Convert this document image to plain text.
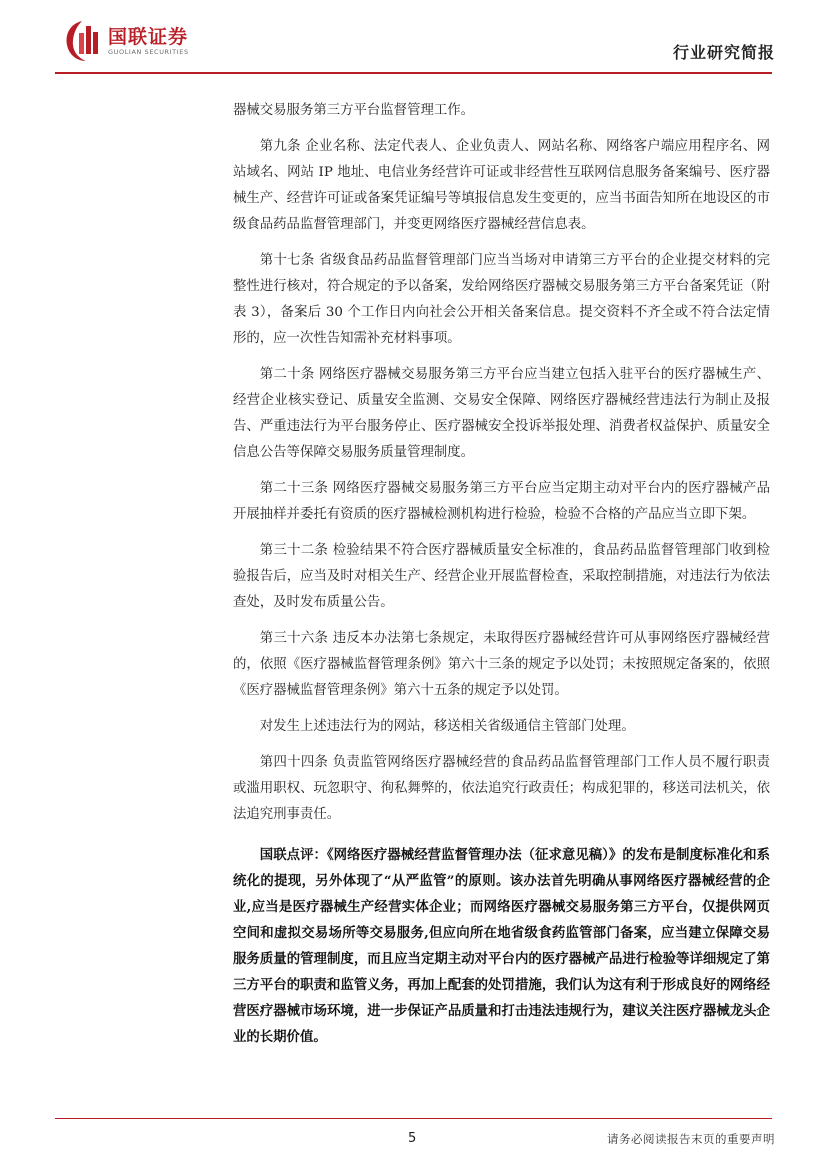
国联证券
GUOLIAN SECURITIES	行业研究简报

器械交易服务第三方平台监督管理工作。

第九条 企业名称、法定代表人、企业负责人、网站名称、网络客户端应用程序名、网站域名、网站 IP 地址、电信业务经营许可证或非经营性互联网信息服务备案编号、医疗器械生产、经营许可证或备案凭证编号等填报信息发生变更的，应当书面告知所在地设区的市级食品药品监督管理部门，并变更网络医疗器械经营信息表。

第十七条 省级食品药品监督管理部门应当当场对申请第三方平台的企业提交材料的完整性进行核对，符合规定的予以备案，发给网络医疗器械交易服务第三方平台备案凭证（附表 3），备案后 30 个工作日内向社会公开相关备案信息。提交资料不齐全或不符合法定情形的，应一次性告知需补充材料事项。

第二十条 网络医疗器械交易服务第三方平台应当建立包括入驻平台的医疗器械生产、经营企业核实登记、质量安全监测、交易安全保障、网络医疗器械经营违法行为制止及报告、严重违法行为平台服务停止、医疗器械安全投诉举报处理、消费者权益保护、质量安全信息公告等保障交易服务质量管理制度。

第二十三条 网络医疗器械交易服务第三方平台应当定期主动对平台内的医疗器械产品开展抽样并委托有资质的医疗器械检测机构进行检验，检验不合格的产品应当立即下架。

第三十二条 检验结果不符合医疗器械质量安全标准的，食品药品监督管理部门收到检验报告后，应当及时对相关生产、经营企业开展监督检查，采取控制措施，对违法行为依法查处，及时发布质量公告。

第三十六条 违反本办法第七条规定，未取得医疗器械经营许可从事网络医疗器械经营的，依照《医疗器械监督管理条例》第六十三条的规定予以处罚；未按照规定备案的，依照《医疗器械监督管理条例》第六十五条的规定予以处罚。

对发生上述违法行为的网站，移送相关省级通信主管部门处理。

第四十四条 负责监管网络医疗器械经营的食品药品监督管理部门工作人员不履行职责或滥用职权、玩忽职守、徇私舞弊的，依法追究行政责任；构成犯罪的，移送司法机关，依法追究刑事责任。

国联点评：《网络医疗器械经营监督管理办法（征求意见稿）》的发布是制度标准化和系统化的提现，另外体现了“从严监管”的原则。该办法首先明确从事网络医疗器械经营的企业,应当是医疗器械生产经营实体企业；而网络医疗器械交易服务第三方平台，仅提供网页空间和虚拟交易场所等交易服务,但应向所在地省级食药监管部门备案，应当建立保障交易服务质量的管理制度，而且应当定期主动对平台内的医疗器械产品进行检验等详细规定了第三方平台的职责和监管义务，再加上配套的处罚措施，我们认为这有利于形成良好的网络经营医疗器械市场环境，进一步保证产品质量和打击违法违规行为，建议关注医疗器械龙头企业的长期价值。

5	请务必阅读报告末页的重要声明
